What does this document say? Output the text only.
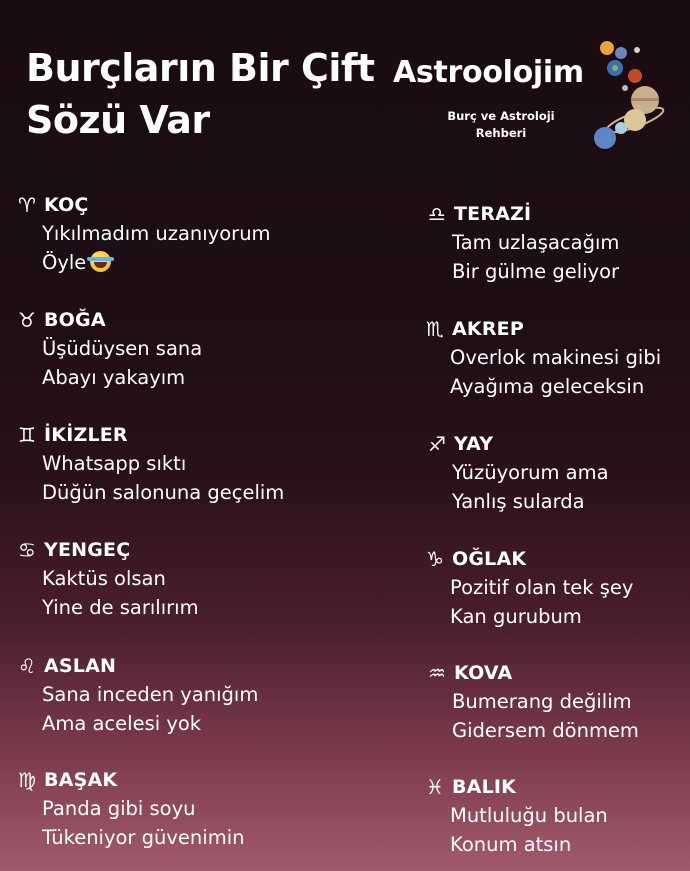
Burçların Bir Çift
Sözü Var
Astroolojim
Burç ve Astroloji
Rehberi
♈ KOÇ
Yıkılmadım uzanıyorum
Öyle
♉ BOĞA
Üşüdüysen sana
Abayı yakayım
♊ İKİZLER
Whatsapp sıktı
Düğün salonuna geçelim
♋ YENGEÇ
Kaktüs olsan
Yine de sarılırım
♌ ASLAN
Sana inceden yanığım
Ama acelesi yok
♍ BAŞAK
Panda gibi soyu
Tükeniyor güvenimin
♎ TERAZİ
Tam uzlaşacağım
Bir gülme geliyor
♏ AKREP
Overlok makinesi gibi
Ayağıma geleceksin
♐ YAY
Yüzüyorum ama
Yanlış sularda
♑ OĞLAK
Pozitif olan tek şey
Kan gurubum
♒ KOVA
Bumerang değilim
Gidersem dönmem
♓ BALIK
Mutluluğu bulan
Konum atsın
